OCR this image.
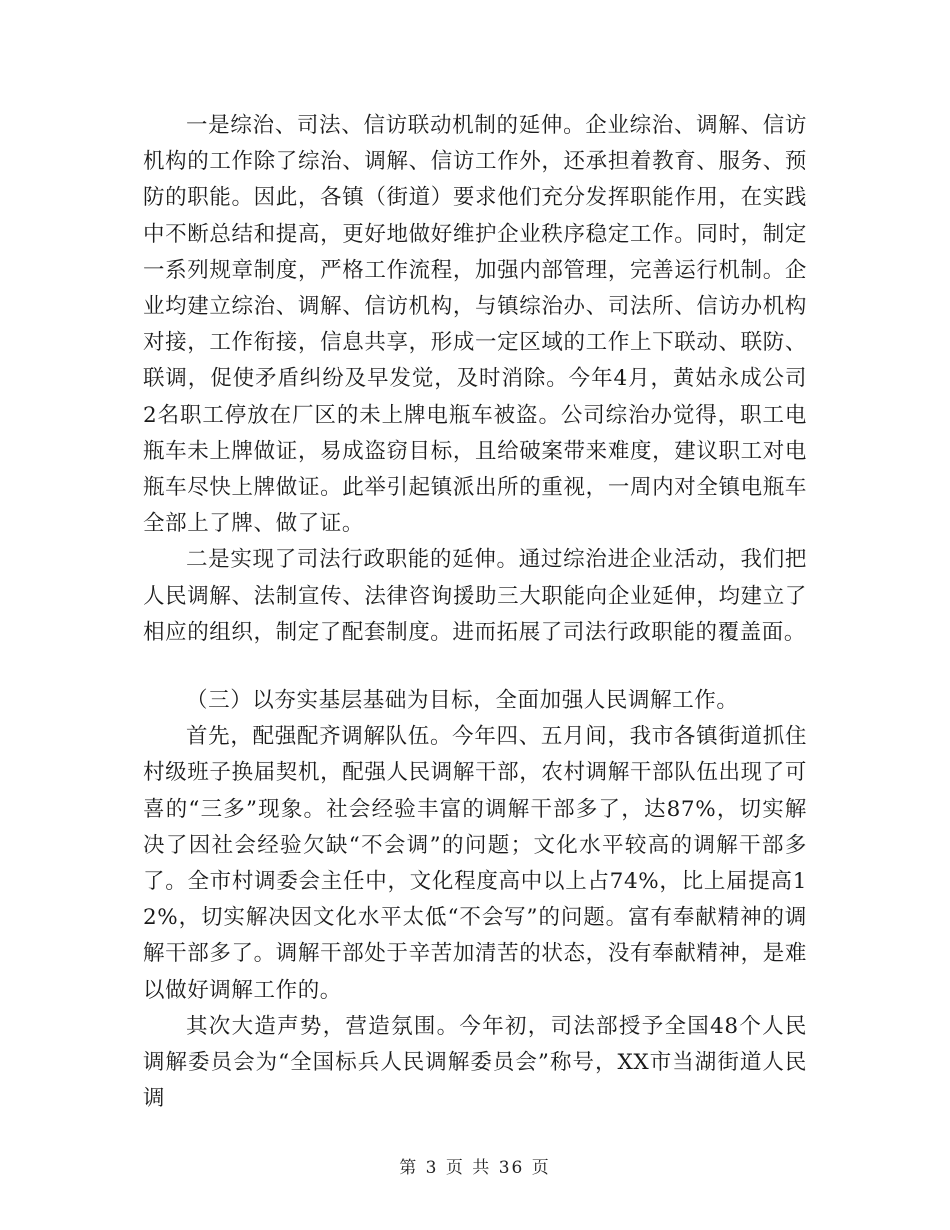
一是综治、司法、信访联动机制的延伸。企业综治、调解、信访机构的工作除了综治、调解、信访工作外，还承担着教育、服务、预防的职能。因此，各镇（街道）要求他们充分发挥职能作用，在实践中不断总结和提高，更好地做好维护企业秩序稳定工作。同时，制定一系列规章制度，严格工作流程，加强内部管理，完善运行机制。企业均建立综治、调解、信访机构，与镇综治办、司法所、信访办机构对接，工作衔接，信息共享，形成一定区域的工作上下联动、联防、联调，促使矛盾纠纷及早发觉，及时消除。今年4月，黄姑永成公司2名职工停放在厂区的未上牌电瓶车被盗。公司综治办觉得，职工电瓶车未上牌做证，易成盗窃目标，且给破案带来难度，建议职工对电瓶车尽快上牌做证。此举引起镇派出所的重视，一周内对全镇电瓶车全部上了牌、做了证。

二是实现了司法行政职能的延伸。通过综治进企业活动，我们把人民调解、法制宣传、法律咨询援助三大职能向企业延伸，均建立了相应的组织，制定了配套制度。进而拓展了司法行政职能的覆盖面。

（三）以夯实基层基础为目标，全面加强人民调解工作。

首先，配强配齐调解队伍。今年四、五月间，我市各镇街道抓住村级班子换届契机，配强人民调解干部，农村调解干部队伍出现了可喜的“三多”现象。社会经验丰富的调解干部多了，达87%，切实解决了因社会经验欠缺“不会调”的问题；文化水平较高的调解干部多了。全市村调委会主任中，文化程度高中以上占74%，比上届提高12%，切实解决因文化水平太低“不会写”的问题。富有奉献精神的调解干部多了。调解干部处于辛苦加清苦的状态，没有奉献精神，是难以做好调解工作的。

其次大造声势，营造氛围。今年初，司法部授予全国48个人民调解委员会为“全国标兵人民调解委员会”称号，XX市当湖街道人民调

第 3 页 共 36 页
